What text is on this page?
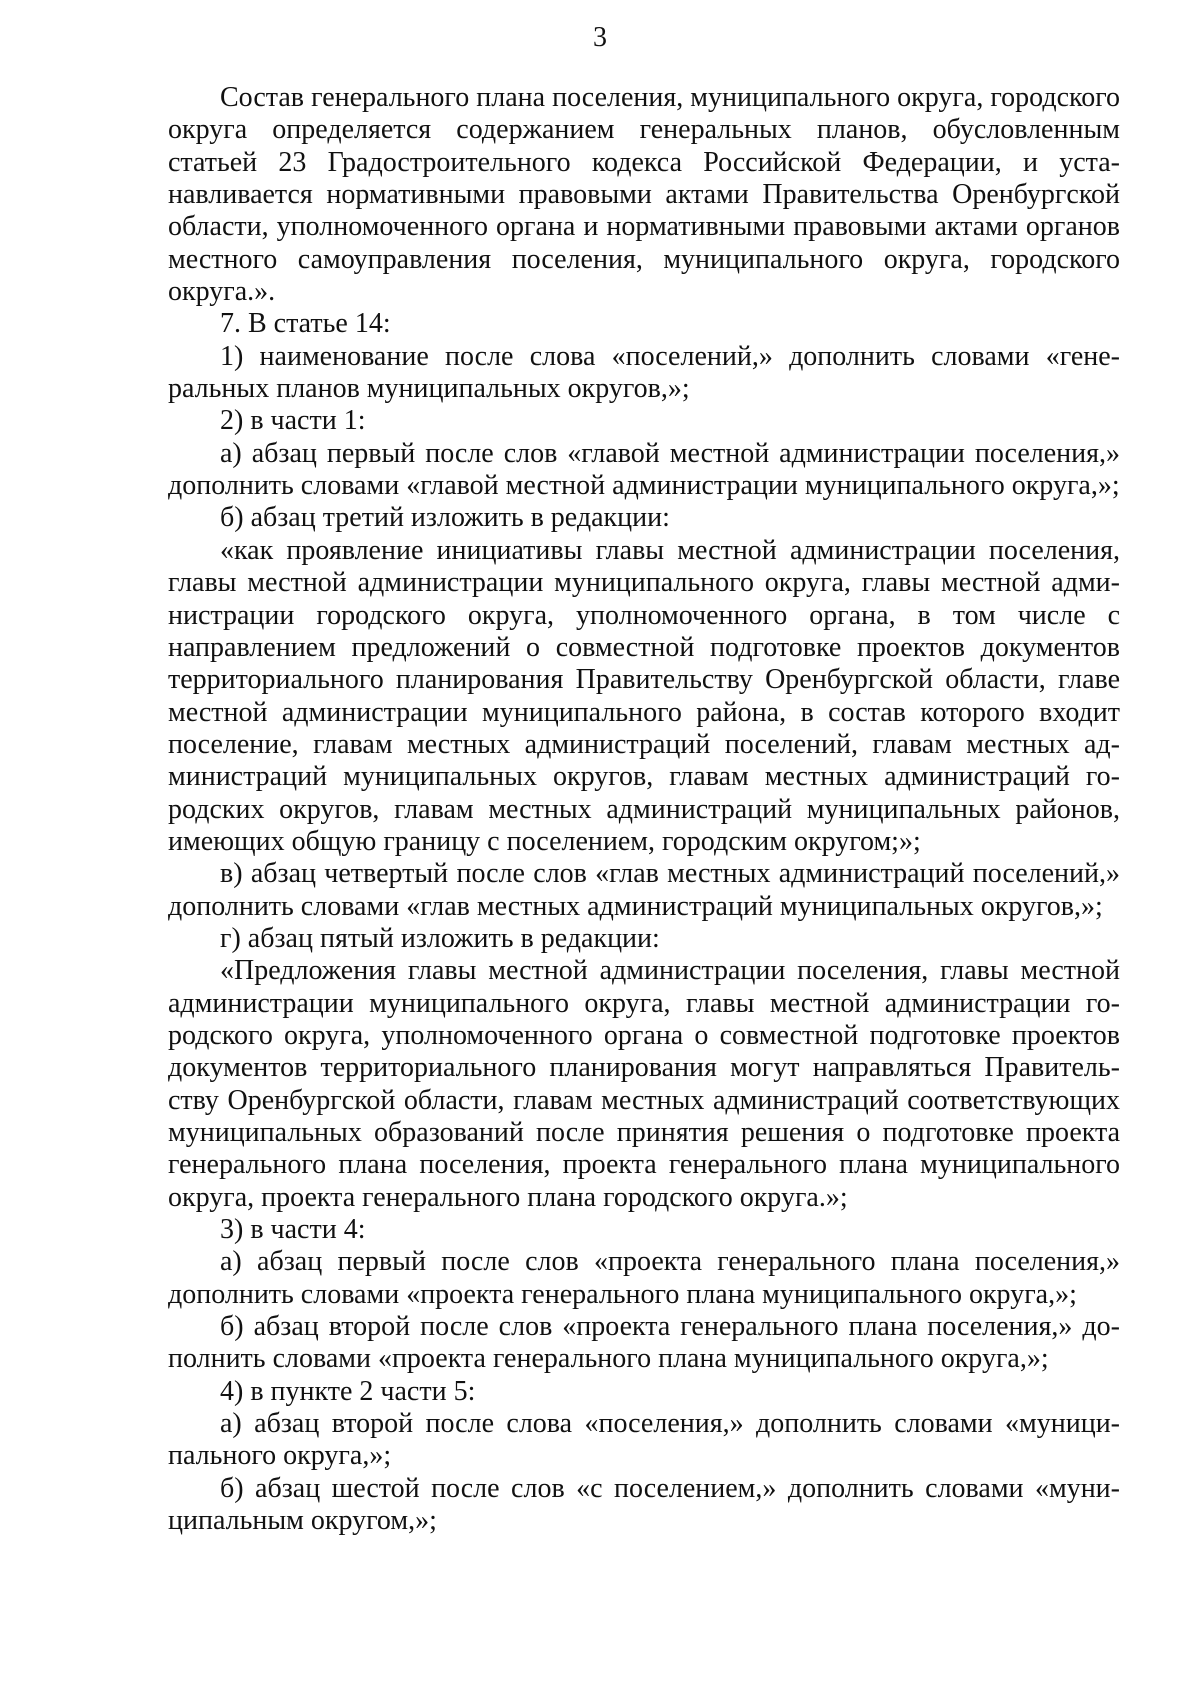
3

Состав генерального плана поселения, муниципального округа, городского округа определяется содержанием генеральных планов, обусловленным статьей 23 Градостроительного кодекса Российской Федерации, и устанавливается нормативными правовыми актами Правительства Оренбургской области, уполномоченного органа и нормативными правовыми актами органов местного самоуправления поселения, муниципального округа, городского округа.».

7. В статье 14:

1) наименование после слова «поселений,» дополнить словами «генеральных планов муниципальных округов,»;

2) в части 1:

а) абзац первый после слов «главой местной администрации поселения,» дополнить словами «главой местной администрации муниципального округа,»;

б) абзац третий изложить в редакции:

«как проявление инициативы главы местной администрации поселения, главы местной администрации муниципального округа, главы местной администрации городского округа, уполномоченного органа, в том числе с направлением предложений о совместной подготовке проектов документов территориального планирования Правительству Оренбургской области, главе местной администрации муниципального района, в состав которого входит поселение, главам местных администраций поселений, главам местных администраций муниципальных округов, главам местных администраций городских округов, главам местных администраций муниципальных районов, имеющих общую границу с поселением, городским округом;»;

в) абзац четвертый после слов «глав местных администраций поселений,» дополнить словами «глав местных администраций муниципальных округов,»;

г) абзац пятый изложить в редакции:

«Предложения главы местной администрации поселения, главы местной администрации муниципального округа, главы местной администрации городского округа, уполномоченного органа о совместной подготовке проектов документов территориального планирования могут направляться Правительству Оренбургской области, главам местных администраций соответствующих муниципальных образований после принятия решения о подготовке проекта генерального плана поселения, проекта генерального плана муниципального округа, проекта генерального плана городского округа.»;

3) в части 4:

а) абзац первый после слов «проекта генерального плана поселения,» дополнить словами «проекта генерального плана муниципального округа,»;

б) абзац второй после слов «проекта генерального плана поселения,» дополнить словами «проекта генерального плана муниципального округа,»;

4) в пункте 2 части 5:

а) абзац второй после слова «поселения,» дополнить словами «муниципального округа,»;

б) абзац шестой после слов «с поселением,» дополнить словами «муниципальным округом,»;
